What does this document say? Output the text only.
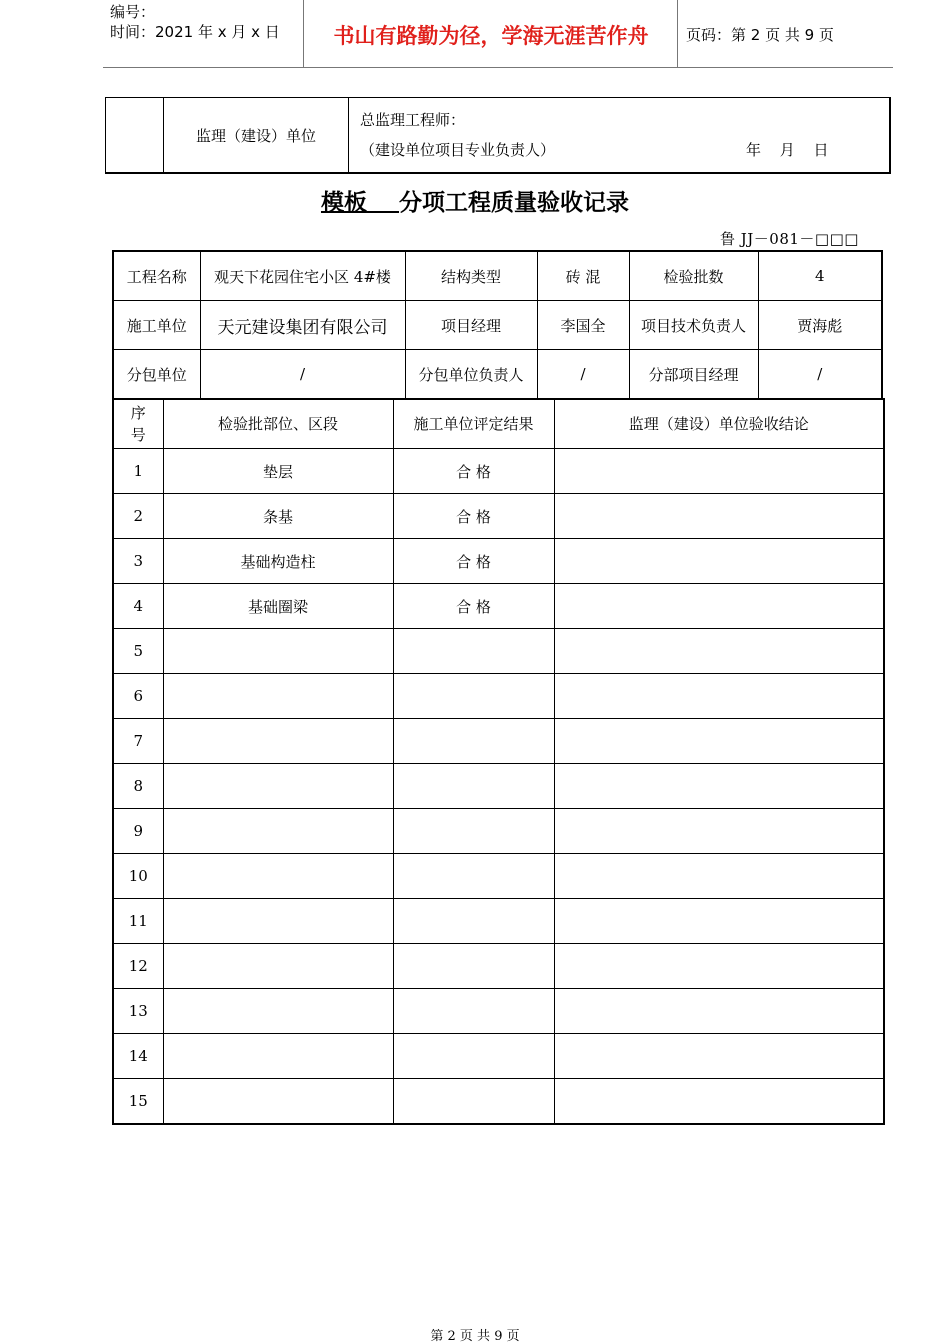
编号：
时间：2021 年 x 月 x 日	书山有路勤为径，学海无涯苦作舟	页码：第 2 页 共 9 页
监理（建设）单位
总监理工程师：
（建设单位项目专业负责人）	年 月 日
模板 分项工程质量验收记录
鲁 JJ－081－□□□
工程名称	观天下花园住宅小区 4#楼	结构类型	砖 混	检验批数	4
施工单位	天元建设集团有限公司	项目经理	李国全	项目技术负责人	贾海彪
分包单位	/	分包单位负责人	/	分部项目经理	/
序号	检验批部位、区段	施工单位评定结果	监理（建设）单位验收结论
1	垫层	合 格	
2	条基	合 格	
3	基础构造柱	合 格	
4	基础圈梁	合 格	
5			
6			
7			
8			
9			
10			
11			
12			
13			
14			
15			
第 2 页 共 9 页
